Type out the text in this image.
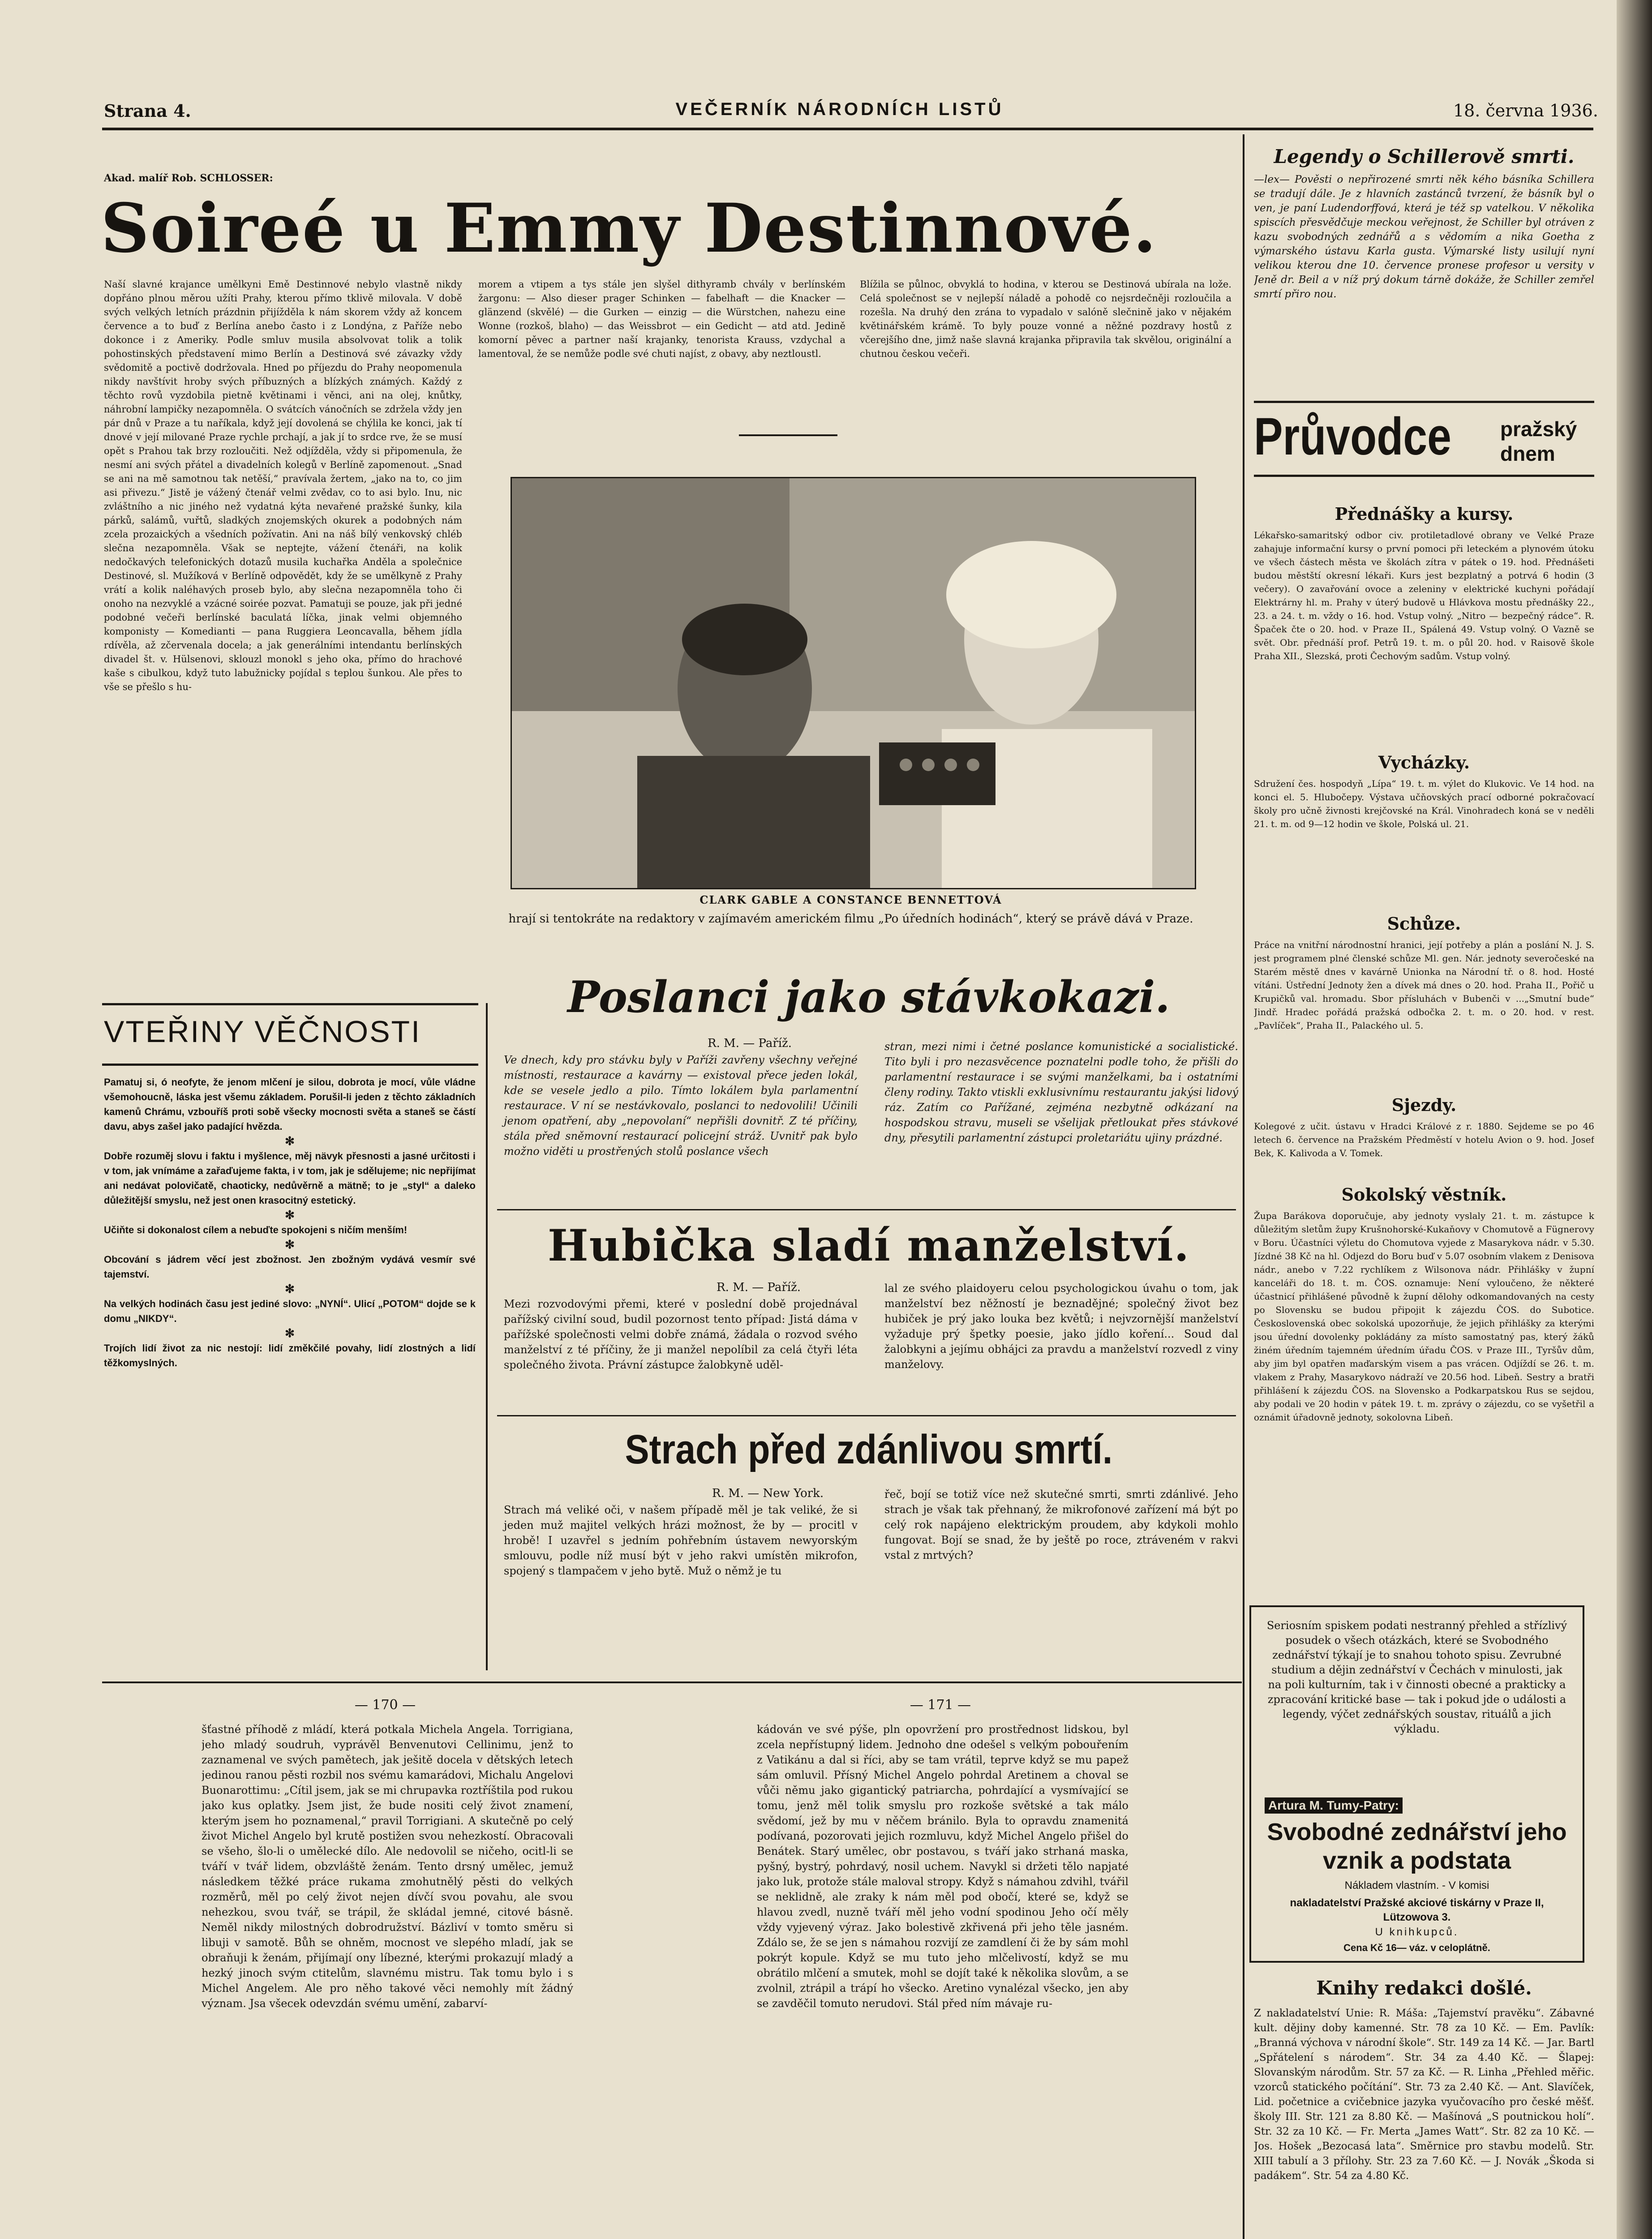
Strana 4.	VEČERNÍK NÁRODNÍCH LISTŮ	18. června 1936.
Akad. malíř Rob. SCHLOSSER:
Soireé u Emmy Destinnové.
Naší slavné krajance umělkyni Emě Destinnové nebylo vlastně nikdy dopřáno plnou měrou užíti Prahy, kterou přímo tklivě milovala. V době svých velkých letních prázdnin přijížděla k nám skorem vždy až koncem července a to buď z Berlína anebo často i z Londýna, z Paříže nebo dokonce i z Ameriky. Podle smluv musila absolvovat tolik a tolik pohostinských představení mimo Berlín a Destinová své závazky vždy svědomitě a poctivě dodržovala. Hned po příjezdu do Prahy neopomenula nikdy navštívit hroby svých příbuzných a blízkých známých. Každý z těchto rovů vyzdobila pietně květinami i věnci, ani na olej, knůtky, náhrobní lampičky nezapomněla. O svátcích vánočních se zdržela vždy jen pár dnů v Praze a tu naříkala, když její dovolená se chýlila ke konci, jak tí dnové v její milované Praze rychle prchají, a jak jí to srdce rve, že se musí opět s Prahou tak brzy rozloučiti. Než odjížděla, vždy si připomenula, že nesmí ani svých přátel a divadelních kolegů v Berlíně zapomenout. „Snad se ani na mě samotnou tak netěší,“ pravívala žertem, „jako na to, co jim asi přivezu.“ Jistě je vážený čtenář velmi zvědav, co to asi bylo. Inu, nic zvláštního a nic jiného než vydatná kýta nevařené pražské šunky, kila párků, salámů, vuřtů, sladkých znojemských okurek a podobných nám zcela prozaických a všedních požívatin. Ani na náš bílý venkovský chléb slečna nezapomněla. Však se neptejte, vážení čtenáři, na kolik nedočkavých telefonických dotazů musila kuchařka Anděla a společnice Destinové, sl. Mužíková v Berlíně odpovědět, kdy že se umělkyně z Prahy vrátí a kolik naléhavých proseb bylo, aby slečna nezapomněla toho či onoho na nezvyklé a vzácné soirée pozvat. Pamatuji se pouze, jak při jedné podobné večeři berlínské baculatá líčka, jinak velmi objemného komponisty — Komedianti — pana Ruggiera Leoncavalla, během jídla rdívěla, až zčervenala docela; a jak generálními intendantu berlínských divadel št. v. Hülsenovi, sklouzl monokl s jeho oka, přímo do hrachové kaše s cibulkou, když tuto labužnicky pojídal s teplou šunkou. Ale přes to vše se přešlo s hu-
morem a vtipem a tys stále jen slyšel dithyramb chvály v berlínském žargonu: — Also dieser prager Schinken — fabelhaft — die Knacker — glänzend (skvělé) — die Gurken — einzig — die Würstchen, nahezu eine Wonne (rozkoš, blaho) — das Weissbrot — ein Gedicht — atd atd. Jedině komorní pěvec a partner naší krajanky, tenorista Krauss, vzdychal a lamentoval, že se nemůže podle své chuti najíst, z obavy, aby neztloustl.
Blížila se půlnoc, obvyklá to hodina, v kterou se Destinová ubírala na lože. Celá společnost se v nejlepší náladě a pohodě co nejsrdečněji rozloučila a rozešla. Na druhý den zrána to vypadalo v salóně slečnině jako v nějakém květinářském krámě. To byly pouze vonné a něžné pozdravy hostů z včerejšího dne, jimž naše slavná krajanka připravila tak skvělou, originální a chutnou českou večeři.
CLARK GABLE A CONSTANCE BENNETTOVÁ
hrají si tentokráte na redaktory v zajímavém americkém filmu „Po úředních hodinách“, který se právě dává v Praze.
VTEŘINY VĚČNOSTI

Pamatuj si, ó neofyte, že jenom mlčení je silou, dobrota je mocí, vůle vládne všemohoucně, láska jest všemu základem. Porušil-li jeden z těchto základních kamenů Chrámu, vzbouříš proti sobě všecky mocnosti světa a staneš se částí davu, abys zašel jako padající hvězda.

✻

Dobře rozuměj slovu i faktu i myšlence, měj nävyk přesnosti a jasné určitosti i v tom, jak vnímáme a zařaďujeme fakta, i v tom, jak je sdělujeme; nic nepřijímat ani nedávat polovičatě, chaoticky, nedůvěrně a mätně; to je „styl“ a daleko důležitější smyslu, než jest onen krasocitný estetický.

✻

Učiňte si dokonalost cílem a nebuďte spokojeni s ničím menším!

✻

Obcování s jádrem věcí jest zbožnost. Jen zbožným vydává vesmír své tajemství.

✻

Na velkých hodinách času jest jediné slovo: „NYNÍ“. Ulicí „POTOM“ dojde se k domu „NIKDY“.

✻

Trojích lidí život za nic nestojí: lidí změkčilé povahy, lidí zlostných a lidí těžkomyslných.

Poslanci jako stávkokazi.
R. M. — Paříž.
Ve dnech, kdy pro stávku byly v Paříži zavřeny všechny veřejné místnosti, restaurace a kavárny — existoval přece jeden lokál, kde se vesele jedlo a pilo. Tímto lokálem byla parlamentní restaurace. V ní se nestávkovalo, poslanci to nedovolili! Učinili jenom opatření, aby „nepovolaní“ nepřišli dovnitř. Z té příčiny, stála před sněmovní restaurací policejní stráž. Uvnitř pak bylo možno viděti u prostřených stolů poslance všech
stran, mezi nimi i četné poslance komunistické a socialistické. Tito byli i pro nezasvěcence poznatelni podle toho, že přišli do parlamentní restaurace i se svými manželkami, ba i ostatními členy rodiny. Takto vtiskli exklusivnímu restaurantu jakýsi lidový ráz. Zatím co Pařížané, zejména nezbytně odkázaní na hospodskou stravu, museli se všelijak přetloukat přes stávkové dny, přesytili parlamentní zástupci proletariátu ujiny prázdné.
Hubička sladí manželství.
R. M. — Paříž.
Mezi rozvodovými přemi, které v poslední době projednával pařížský civilní soud, budil pozornost tento případ: Jistá dáma v pařížské společnosti velmi dobře známá, žádala o rozvod svého manželství z té příčiny, že ji manžel nepolíbil za celá čtyři léta společného života. Právní zástupce žalobkyně uděl-
lal ze svého plaidoyeru celou psychologickou úvahu o tom, jak manželství bez něžností je beznadějné; společný život bez hubiček je prý jako louka bez květů; i nejvzornější manželství vyžaduje prý špetky poesie, jako jídlo koření... Soud dal žalobkyni a jejímu obhájci za pravdu a manželství rozvedl z viny manželovy.
Strach před zdánlivou smrtí.
R. M. — New York.
Strach má veliké oči, v našem případě měl je tak veliké, že si jeden muž majitel velkých hrázi možnost, že by — procitl v hrobě! I uzavřel s jedním pohřebním ústavem newyorským smlouvu, podle níž musí být v jeho rakvi umístěn mikrofon, spojený s tlampačem v jeho bytě. Muž o němž je tu
řeč, bojí se totiž více než skutečné smrti, smrti zdánlivé. Jeho strach je však tak přehnaný, že mikrofonové zařízení má být po celý rok napájeno elektrickým proudem, aby kdykoli mohlo fungovat. Bojí se snad, že by ještě po roce, ztráveném v rakvi vstal z mrtvých?
Legendy o Schillerově smrti.
—lex— Pověsti o nepřirozené smrti něk kého básníka Schillera se tradují dále. Je z hlavních zastánců tvrzení, že básník byl o ven, je paní Ludendorffová, která je též sp vatelkou. V několika spiscích přesvědčuje meckou veřejnost, že Schiller byl otráven z kazu svobodných zednářů a s vědomím a nika Goetha z výmarského ústavu Karla gusta. Výmarské listy usilují nyní velikou kterou dne 10. července pronese profesor u versity v Jeně dr. Beil a v níž prý dokum tárně dokáže, že Schiller zemřel smrtí přiro nou.
Průvodce pražský
dnem
Přednášky a kursy.
Lékařsko-samaritský odbor civ. protiletadlové obrany ve Velké Praze zahajuje informační kursy o první pomoci při leteckém a plynovém útoku ve všech částech města ve školách zítra v pátek o 19. hod. Přednášeti budou městští okresní lékaři. Kurs jest bezplatný a potrvá 6 hodin (3 večery). O zavařování ovoce a zeleniny v elektrické kuchyni pořádají Elektrárny hl. m. Prahy v úterý budově u Hlávkova mostu přednášky 22., 23. a 24. t. m. vždy o 16. hod. Vstup volný. „Nitro — bezpečný rádce“. R. Špaček čte o 20. hod. v Praze II., Spálená 49. Vstup volný. O Vazně se svět. Obr. přednáší prof. Petrů 19. t. m. o půl 20. hod. v Raisově škole Praha XII., Slezská, proti Čechovým sadům. Vstup volný.
Vycházky.
Sdružení čes. hospodyň „Lípa“ 19. t. m. výlet do Klukovic. Ve 14 hod. na konci el. 5. Hlubočepy. Výstava učňovských prací odborné pokračovací školy pro učně živnosti krejčovské na Král. Vinohradech koná se v neděli 21. t. m. od 9—12 hodin ve škole, Polská ul. 21.
Schůze.
Práce na vnitřní národnostní hranici, její potřeby a plán a poslání N. J. S. jest programem plné členské schůze Ml. gen. Nár. jednoty severočeské na Starém městě dnes v kavárně Unionka na Národní tř. o 8. hod. Hosté vítáni. Ústřední Jednoty žen a dívek má dnes o 20. hod. Praha II., Pořič u Krupičků val. hromadu. Sbor přísluhách v Bubenči v ...„Smutní bude“ Jindř. Hradec pořádá pražská odbočka 2. t. m. o 20. hod. v rest. „Pavlíček“, Praha II., Palackého ul. 5.
Sjezdy.
Kolegové z učit. ústavu v Hradci Králové z r. 1880. Sejdeme se po 46 letech 6. července na Pražském Předměstí v hotelu Avion o 9. hod. Josef Bek, K. Kalivoda a V. Tomek.
Sokolský věstník.
Župa Barákova doporučuje, aby jednoty vyslaly 21. t. m. zástupce k důležitým sletům župy Krušnohorské-Kukaňovy v Chomutově a Fügnerovy v Boru. Účastníci výletu do Chomutova vyjede z Masarykova nádr. v 5.30. Jízdné 38 Kč na hl. Odjezd do Boru buď v 5.07 osobním vlakem z Denisova nádr., anebo v 7.22 rychlíkem z Wilsonova nádr. Přihlášky v župní kanceláři do 18. t. m. ČOS. oznamuje: Není vyloučeno, že některé účastnicí přihlášené původně k župní dělohy odkomandovaných na cesty po Slovensku se budou připojit k zájezdu ČOS. do Subotice. Československá obec sokolská upozorňuje, že jejich přihlášky za kterými jsou úřední dovolenky pokládány za místo samostatný pas, který žáků žiném úředním tajemném úředním úřadu ČOS. v Praze III., Tyršův dům, aby jim byl opatřen maďarským visem a pas vrácen. Odjíždí se 26. t. m. vlakem z Prahy, Masarykovo nádraží ve 20.56 hod. Libeň. Sestry a bratři přihlášení k zájezdu ČOS. na Slovensko a Podkarpatskou Rus se sejdou, aby podali ve 20 hodin v pátek 19. t. m. zprávy o zájezdu, co se vyšetřil a oznámit úřadovně jednoty, sokolovna Libeň.
Seriosním spiskem podati nestranný přehled a střízlivý posudek o všech otázkách, které se Svobodného zednářství týkají je to snahou tohoto spisu. Zevrubné studium a dějin zednářství v Čechách v minulosti, jak na poli kulturním, tak i v činnosti obecné a prakticky a zpracování kritické base — tak i pokud jde o události a legendy, výčet zednářských soustav, rituálů a jich výkladu.
Artura M. Tumy-Patry:
Svobodné zednářství jeho vznik a podstata
Nákladem vlastním. - V komisi
nakladatelství Pražské akciové tiskárny v Praze II, Lützowova 3.
U knihkupců.
Cena Kč 16— váz. v celoplátně.
Knihy redakci došlé.
Z nakladatelství Unie: R. Máša: „Tajemství pravěku“. Zábavné kult. dějiny doby kamenné. Str. 78 za 10 Kč. — Em. Pavlík: „Branná výchova v národní škole“. Str. 149 za 14 Kč. — Jar. Bartl „Spřátelení s národem“. Str. 34 za 4.40 Kč. — Šlapej: Slovanským národům. Str. 57 za Kč. — R. Linha „Přehled měřic. vzorců statického počítání“. Str. 73 za 2.40 Kč. — Ant. Slavíček, Lid. početnice a cvičebnice jazyka vyučovacího pro české měšť. školy III. Str. 121 za 8.80 Kč. — Mašínová „S poutnickou holí“. Str. 32 za 10 Kč. — Fr. Merta „James Watt“. Str. 82 za 10 Kč. — Jos. Hošek „Bezocasá lata“. Směrnice pro stavbu modelů. Str. XIII tabulí a 3 přílohy. Str. 23 za 7.60 Kč. — J. Novák „Škoda si padákem“. Str. 54 za 4.80 Kč.
— 170 —	— 171 —
šťastné příhodě z mládí, která potkala Michela Angela. Torrigiana, jeho mladý soudruh, vyprávěl Benvenutovi Cellinimu, jenž to zaznamenal ve svých pamětech, jak ješitě docela v dětských letech jedinou ranou pěsti rozbil nos svému kamarádovi, Michalu Angelovi Buonarottimu: „Cítil jsem, jak se mi chrupavka roztříštila pod rukou jako kus oplatky. Jsem jist, že bude nositi celý život znamení, kterým jsem ho poznamenal,“ pravil Torrigiani. A skutečně po celý život Michel Angelo byl krutě postižen svou nehezkostí. Obracovali se všeho, šlo-li o umělecké dílo. Ale nedovolil se ničeho, ocitl-li se tváří v tvář lidem, obzvláště ženám. Tento drsný umělec, jemuž následkem těžké práce rukama zmohutnělý pěsti do velkých rozměrů, měl po celý život nejen dívčí svou povahu, ale svou nehezkou, svou tvář, se trápil, že skládal jemné, citové básně. Neměl nikdy milostných dobrodružství. Bázliví v tomto směru si libuji v samotě. Bůh se ohněm, mocnost ve slepého mladí, jak se obraňuji k ženám, přijímají ony líbezné, kterými prokazují mladý a hezký jinoch svým ctitelům, slavnému mistru. Tak tomu bylo i s Michel Angelem. Ale pro něho takové věci nemohly mít žádný význam. Jsa všecek odevzdán svému umění, zabarví-
kádován ve své pýše, pln opovržení pro prostřednost lidskou, byl zcela nepřístupný lidem. Jednoho dne odešel s velkým pobouřením z Vatikánu a dal si říci, aby se tam vrátil, teprve když se mu papež sám omluvil. Přísný Michel Angelo pohrdal Aretinem a choval se vůči němu jako gigantický patriarcha, pohrdající a vysmívající se tomu, jenž měl tolik smyslu pro rozkoše světské a tak málo svědomí, jež by mu v něčem bránilo. Byla to opravdu znamenitá podívaná, pozorovati jejich rozmluvu, když Michel Angelo přišel do Benátek. Starý umělec, obr postavou, s tváří jako strhaná maska, pyšný, bystrý, pohrdavý, nosil uchem. Navykl si držeti tělo napjaté jako luk, protože stále maloval stropy. Když s námahou zdvihl, tvářil se neklidně, ale zraky k nám měl pod obočí, které se, když se hlavou zvedl, nuzně tváří měl jeho vodní spodinou Jeho očí měly vždy vyjevený výraz. Jako bolestivě zkřivená při jeho těle jasném. Zdálo se, že se jen s námahou rozvijí ze zamdlení či že by sám mohl pokrýt kopule. Když se mu tuto jeho mlčelivostí, když se mu obrátilo mlčení a smutek, mohl se dojít také k několika slovům, a se zvolnil, ztrápil a trápí ho všecko. Aretino vynalézal všecko, jen aby se zavděčil tomuto nerudovi. Stál před ním mávaje ru-
